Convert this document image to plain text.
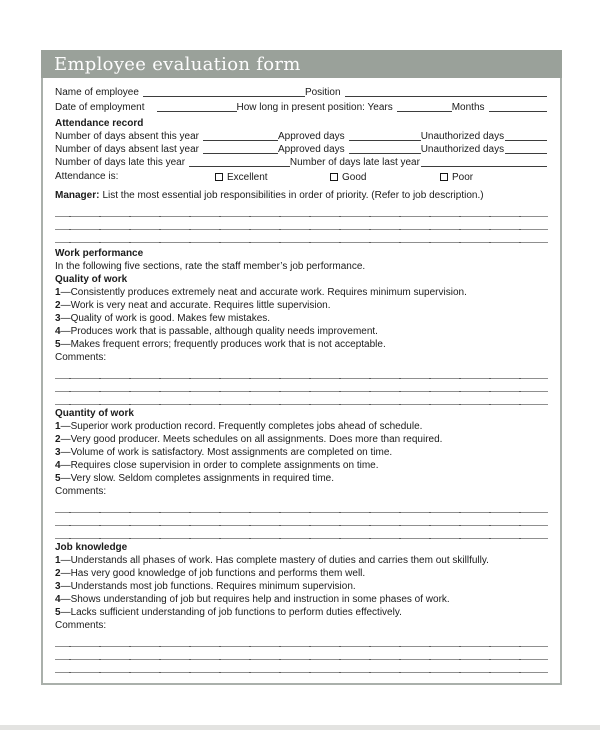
Employee evaluation form
Name of employee	Position
Date of employment	How long in present position: Years	Months

Attendance record

Number of days absent this year	Approved days	Unauthorized days
Number of days absent last year	Approved days	Unauthorized days
Number of days late this year	Number of days late last year
Attendance is:	Excellent	Good	Poor

Manager: List the most essential job responsibilities in order of priority. (Refer to job description.)

Work performance

In the following five sections, rate the staff member’s job performance.

Quality of work

1—Consistently produces extremely neat and accurate work. Requires minimum supervision.

2—Work is very neat and accurate. Requires little supervision.

3—Quality of work is good. Makes few mistakes.

4—Produces work that is passable, although quality needs improvement.

5—Makes frequent errors; frequently produces work that is not acceptable.

Comments:

Quantity of work

1—Superior work production record. Frequently completes jobs ahead of schedule.

2—Very good producer. Meets schedules on all assignments. Does more than required.

3—Volume of work is satisfactory. Most assignments are completed on time.

4—Requires close supervision in order to complete assignments on time.

5—Very slow. Seldom completes assignments in required time.

Comments:

Job knowledge

1—Understands all phases of work. Has complete mastery of duties and carries them out skillfully.

2—Has very good knowledge of job functions and performs them well.

3—Understands most job functions. Requires minimum supervision.

4—Shows understanding of job but requires help and instruction in some phases of work.

5—Lacks sufficient understanding of job functions to perform duties effectively.

Comments:
